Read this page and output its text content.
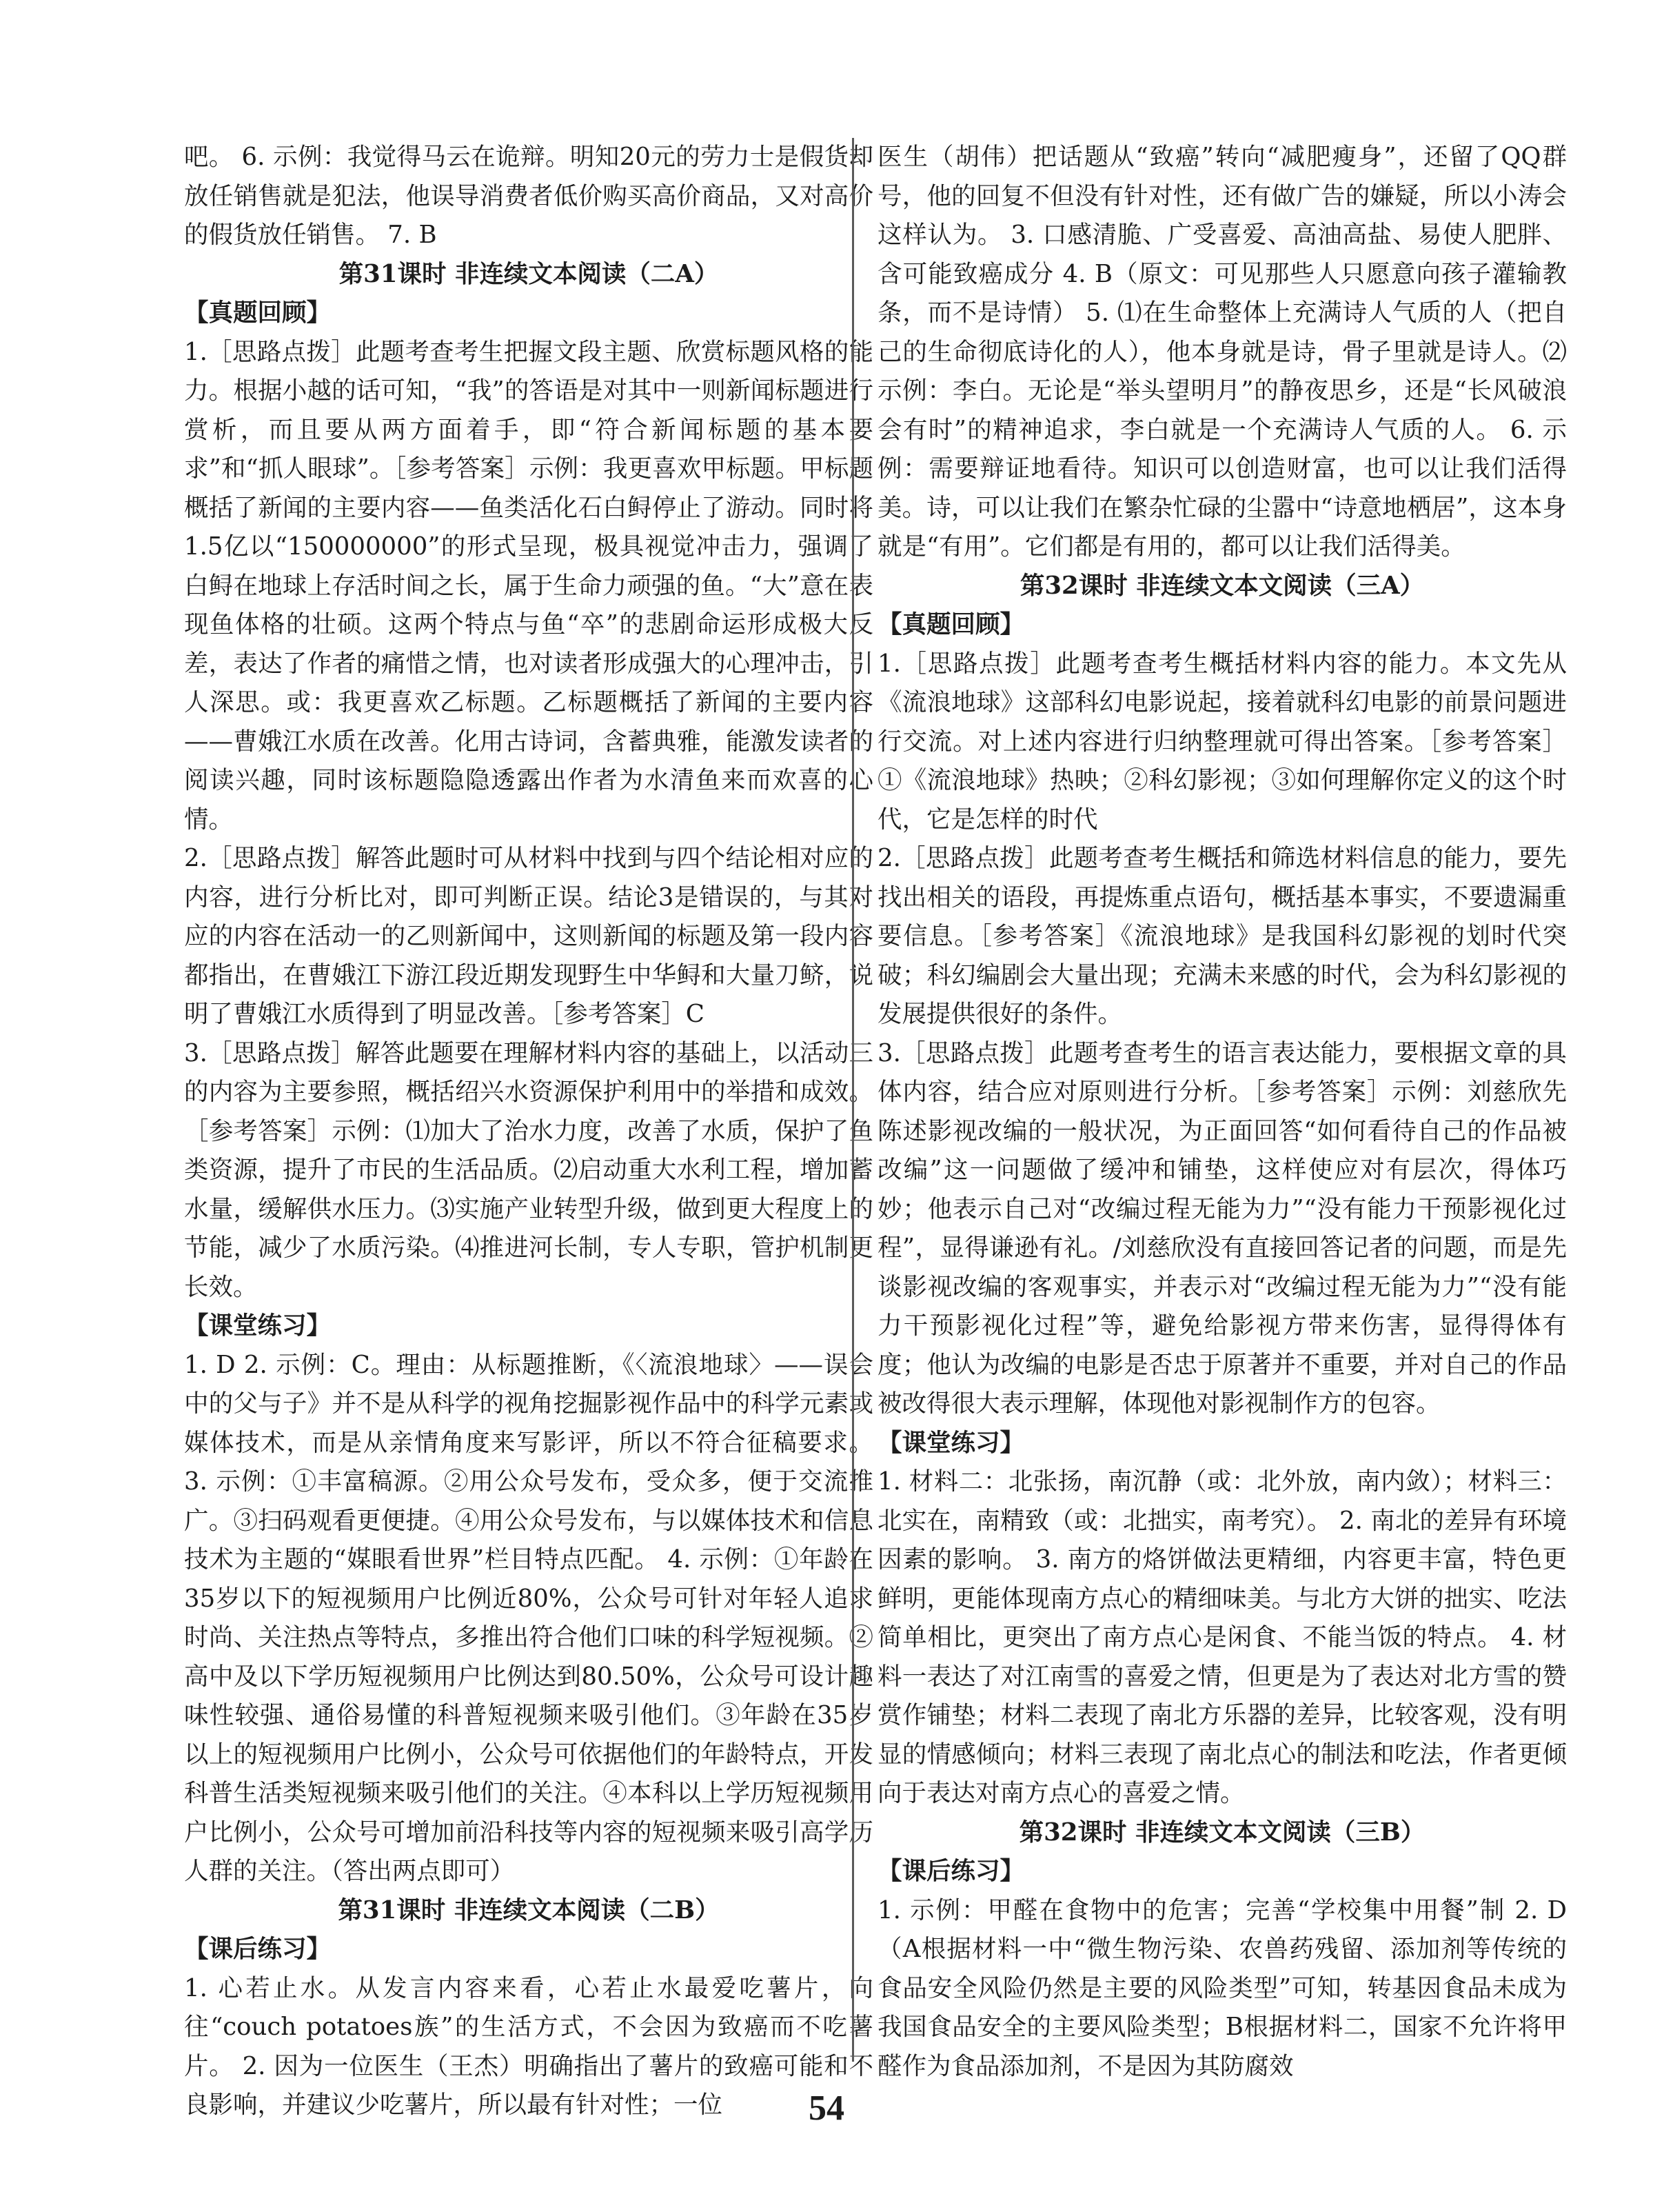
吧。 6. 示例：我觉得马云在诡辩。明知20元的劳力士是假货却放任销售就是犯法，他误导消费者低价购买高价商品，又对高价的假货放任销售。 7. B
第31课时 非连续文本阅读（二A）
【真题回顾】
1.［思路点拨］此题考查考生把握文段主题、欣赏标题风格的能力。根据小越的话可知，“我”的答语是对其中一则新闻标题进行赏析，而且要从两方面着手，即“符合新闻标题的基本要求”和“抓人眼球”。［参考答案］示例：我更喜欢甲标题。甲标题概括了新闻的主要内容——鱼类活化石白鲟停止了游动。同时将1.5亿以“150000000”的形式呈现，极具视觉冲击力，强调了白鲟在地球上存活时间之长，属于生命力顽强的鱼。“大”意在表现鱼体格的壮硕。这两个特点与鱼“卒”的悲剧命运形成极大反差，表达了作者的痛惜之情，也对读者形成强大的心理冲击，引人深思。或：我更喜欢乙标题。乙标题概括了新闻的主要内容——曹娥江水质在改善。化用古诗词，含蓄典雅，能激发读者的阅读兴趣，同时该标题隐隐透露出作者为水清鱼来而欢喜的心情。
2.［思路点拨］解答此题时可从材料中找到与四个结论相对应的内容，进行分析比对，即可判断正误。结论3是错误的，与其对应的内容在活动一的乙则新闻中，这则新闻的标题及第一段内容都指出，在曹娥江下游江段近期发现野生中华鲟和大量刀鲚，说明了曹娥江水质得到了明显改善。［参考答案］C
3.［思路点拨］解答此题要在理解材料内容的基础上，以活动三的内容为主要参照，概括绍兴水资源保护利用中的举措和成效。［参考答案］示例：⑴加大了治水力度，改善了水质，保护了鱼类资源，提升了市民的生活品质。⑵启动重大水利工程，增加蓄水量，缓解供水压力。⑶实施产业转型升级，做到更大程度上的节能，减少了水质污染。⑷推进河长制，专人专职，管护机制更长效。
【课堂练习】
1. D 2. 示例：C。理由：从标题推断，《〈流浪地球〉——误会中的父与子》并不是从科学的视角挖掘影视作品中的科学元素或媒体技术，而是从亲情角度来写影评，所以不符合征稿要求。 3. 示例：①丰富稿源。②用公众号发布，受众多，便于交流推广。③扫码观看更便捷。④用公众号发布，与以媒体技术和信息技术为主题的“媒眼看世界”栏目特点匹配。 4. 示例：①年龄在35岁以下的短视频用户比例近80%，公众号可针对年轻人追求时尚、关注热点等特点，多推出符合他们口味的科学短视频。②高中及以下学历短视频用户比例达到80.50%，公众号可设计趣味性较强、通俗易懂的科普短视频来吸引他们。③年龄在35岁以上的短视频用户比例小，公众号可依据他们的年龄特点，开发科普生活类短视频来吸引他们的关注。④本科以上学历短视频用户比例小，公众号可增加前沿科技等内容的短视频来吸引高学历人群的关注。（答出两点即可）
第31课时 非连续文本阅读（二B）
【课后练习】
1. 心若止水。从发言内容来看，心若止水最爱吃薯片，向往“couch potatoes族”的生活方式，不会因为致癌而不吃薯片。 2. 因为一位医生（王杰）明确指出了薯片的致癌可能和不良影响，并建议少吃薯片，所以最有针对性；一位
医生（胡伟）把话题从“致癌”转向“减肥瘦身”，还留了QQ群号，他的回复不但没有针对性，还有做广告的嫌疑，所以小涛会这样认为。 3. 口感清脆、广受喜爱、高油高盐、易使人肥胖、含可能致癌成分 4. B（原文：可见那些人只愿意向孩子灌输教条，而不是诗情） 5. ⑴在生命整体上充满诗人气质的人（把自己的生命彻底诗化的人），他本身就是诗，骨子里就是诗人。⑵示例：李白。无论是“举头望明月”的静夜思乡，还是“长风破浪会有时”的精神追求，李白就是一个充满诗人气质的人。 6. 示例：需要辩证地看待。知识可以创造财富，也可以让我们活得美。诗，可以让我们在繁杂忙碌的尘嚣中“诗意地栖居”，这本身就是“有用”。它们都是有用的，都可以让我们活得美。
第32课时 非连续文本文阅读（三A）
【真题回顾】
1.［思路点拨］此题考查考生概括材料内容的能力。本文先从《流浪地球》这部科幻电影说起，接着就科幻电影的前景问题进行交流。对上述内容进行归纳整理就可得出答案。［参考答案］①《流浪地球》热映；②科幻影视；③如何理解你定义的这个时代，它是怎样的时代
2.［思路点拨］此题考查考生概括和筛选材料信息的能力，要先找出相关的语段，再提炼重点语句，概括基本事实，不要遗漏重要信息。［参考答案］《流浪地球》是我国科幻影视的划时代突破；科幻编剧会大量出现；充满未来感的时代，会为科幻影视的发展提供很好的条件。
3.［思路点拨］此题考查考生的语言表达能力，要根据文章的具体内容，结合应对原则进行分析。［参考答案］示例：刘慈欣先陈述影视改编的一般状况，为正面回答“如何看待自己的作品被改编”这一问题做了缓冲和铺垫，这样使应对有层次，得体巧妙；他表示自己对“改编过程无能为力”“没有能力干预影视化过程”，显得谦逊有礼。/刘慈欣没有直接回答记者的问题，而是先谈影视改编的客观事实，并表示对“改编过程无能为力”“没有能力干预影视化过程”等，避免给影视方带来伤害，显得得体有度；他认为改编的电影是否忠于原著并不重要，并对自己的作品被改得很大表示理解，体现他对影视制作方的包容。
【课堂练习】
1. 材料二：北张扬，南沉静（或：北外放，南内敛）；材料三：北实在，南精致（或：北拙实，南考究）。 2. 南北的差异有环境因素的影响。 3. 南方的烙饼做法更精细，内容更丰富，特色更鲜明，更能体现南方点心的精细味美。与北方大饼的拙实、吃法简单相比，更突出了南方点心是闲食、不能当饭的特点。 4. 材料一表达了对江南雪的喜爱之情，但更是为了表达对北方雪的赞赏作铺垫；材料二表现了南北方乐器的差异，比较客观，没有明显的情感倾向；材料三表现了南北点心的制法和吃法，作者更倾向于表达对南方点心的喜爱之情。
第32课时 非连续文本文阅读（三B）
【课后练习】
1. 示例：甲醛在食物中的危害；完善“学校集中用餐”制 2. D（A根据材料一中“微生物污染、农兽药残留、添加剂等传统的食品安全风险仍然是主要的风险类型”可知，转基因食品未成为我国食品安全的主要风险类型；B根据材料二，国家不允许将甲醛作为食品添加剂，不是因为其防腐效
54
